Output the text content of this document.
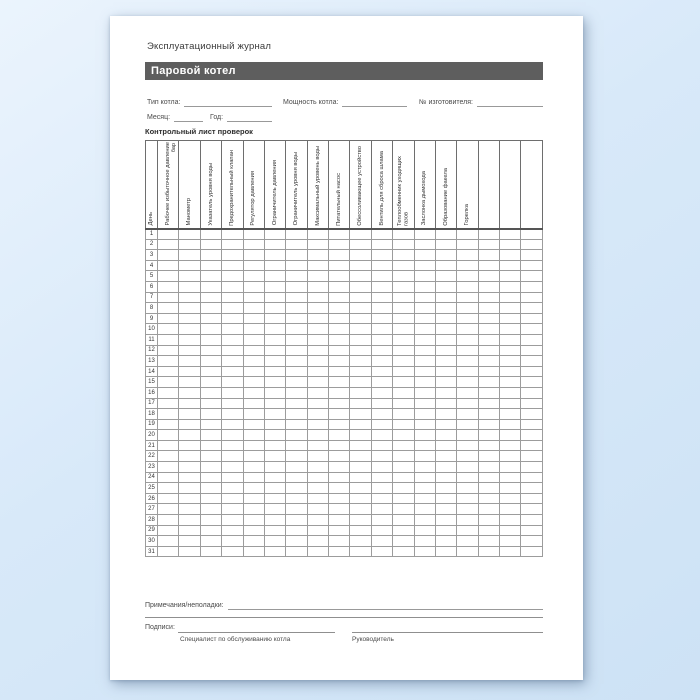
Эксплуатационный журнал
Паровой котел
Тип котла:	Мощность котла:	№ изготовителя:
Месяц:	Год:
Контрольный лист проверок
День	Рабочее избыточное давление бар	Манометр	Указатель уровня воды	Предохранительный клапан	Регулятор давления	Ограничитель давления	Ограничитель уровня воды	Максимальный уровень воды	Питательный насос	Обессоливающее устройство	Вентиль для сброса шлама	Теплообменник уходящих газов	Заслонка дымохода	Образование факела	Горелка			

1																		
2																		
3																		
4																		
5																		
6																		
7																		
8																		
9																		
10																		
11																		
12																		
13																		
14																		
15																		
16																		
17																		
18																		
19																		
20																		
21																		
22																		
23																		
24																		
25																		
26																		
27																		
28																		
29																		
30																		
31																		
Примечания/неполадки:
Подписи:
Специалист по обслуживанию котла	Руководитель
